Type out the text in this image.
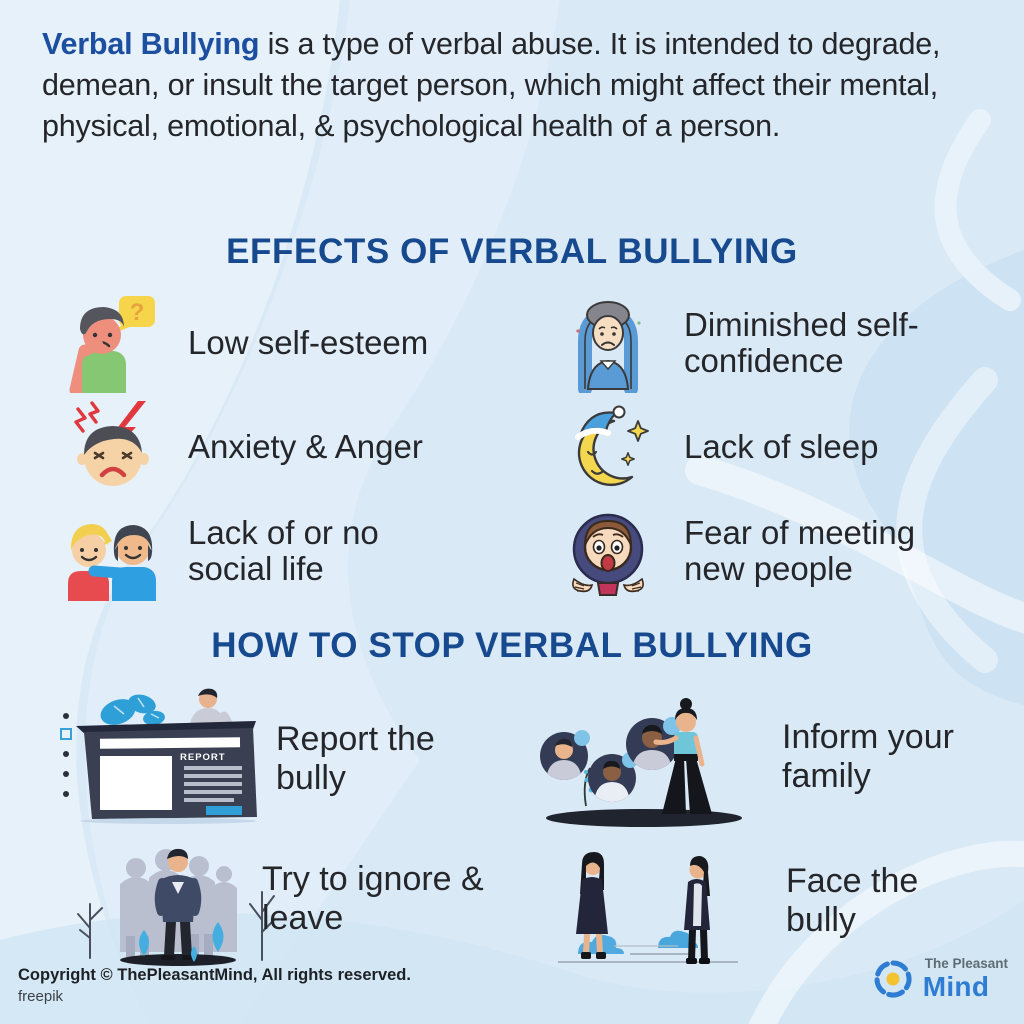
Verbal Bullying is a type of verbal abuse. It is intended to degrade, demean, or insult the target person, which might affect their mental, physical, emotional, & psychological health of a person.
EFFECTS OF VERBAL BULLYING
?
Low self-esteem	Diminished self-confidence
Anxiety & Anger	Lack of sleep
Lack of or no social life
Fear of meeting new people
HOW TO STOP VERBAL BULLYING
REPORT Report the bully
Inform your family
Try to ignore & leave
Face the bully
Copyright © ThePleasantMind, All rights reserved.
freepik
The Pleasant
Mind
